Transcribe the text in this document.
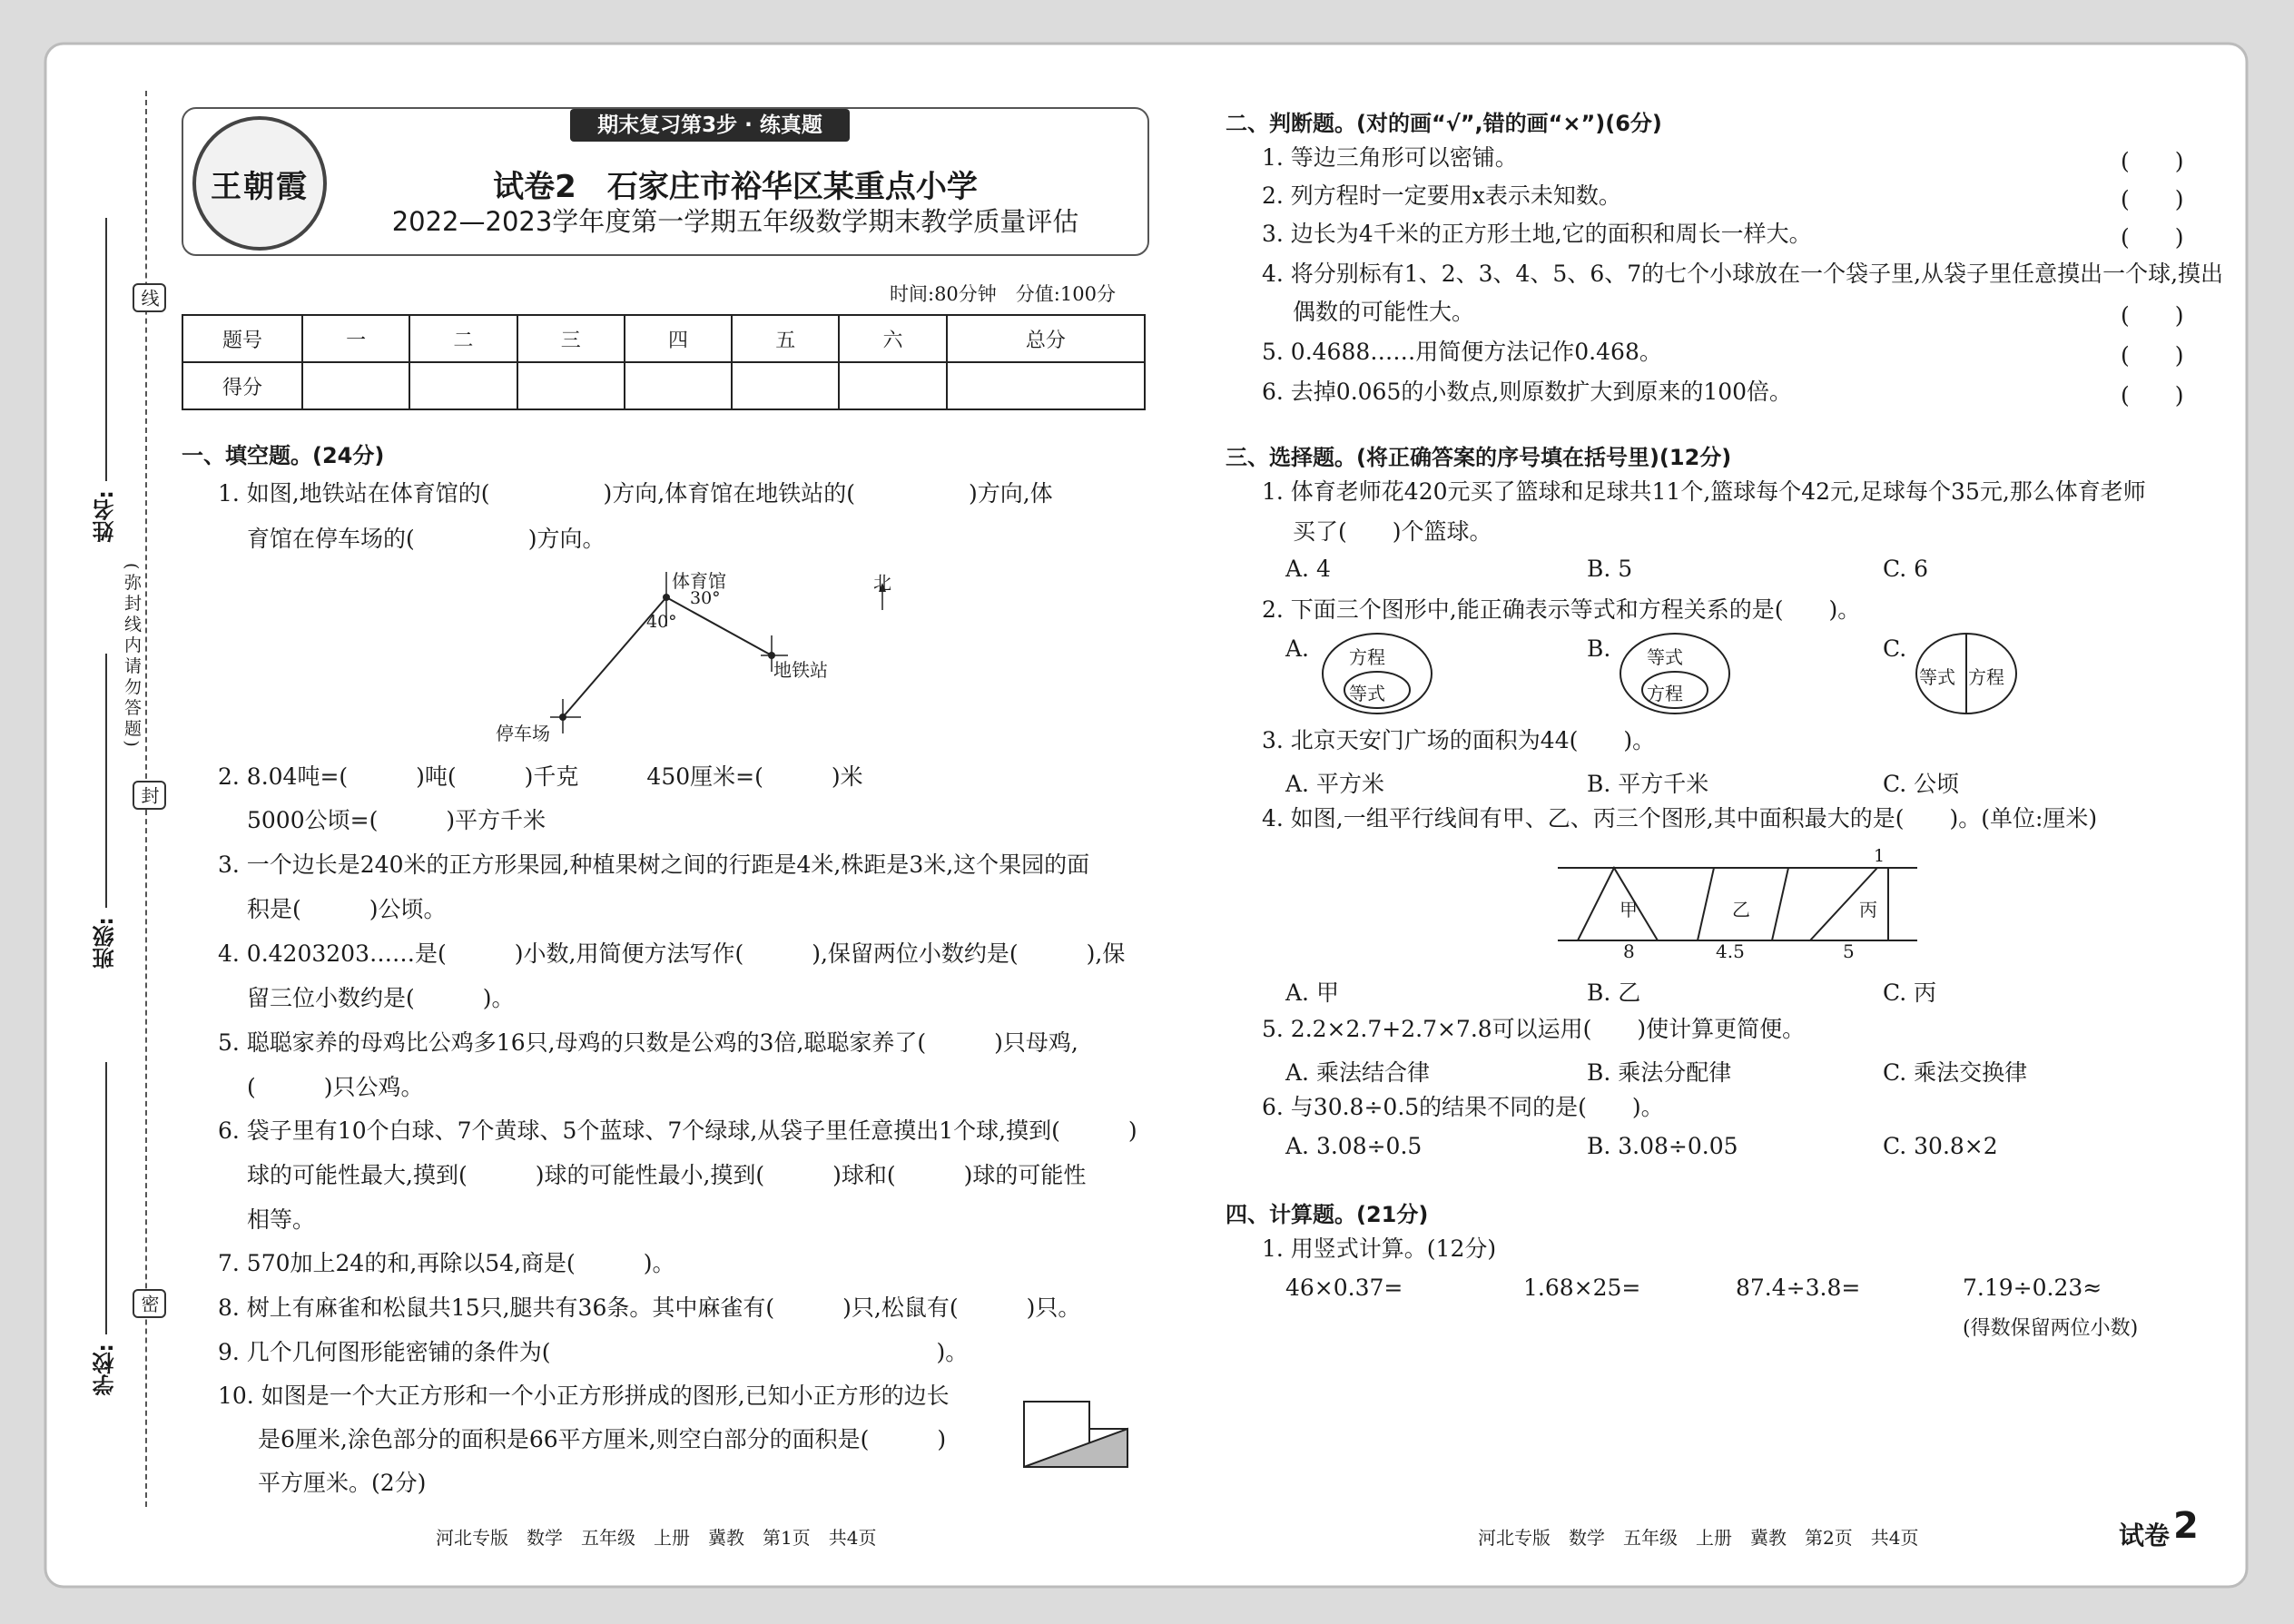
线
封
密
(弥封线内请勿答题)
姓名:
班级:
学校:
期末复习第3步 · 练真题
王朝霞	试卷2　石家庄市裕华区某重点小学
2022—2023学年度第一学期五年级数学期末教学质量评估
时间:80分钟　分值:100分
题号	一	二	三	四	五	六	总分
得分							
一、填空题。(24分)
1. 如图,地铁站在体育馆的(　　　　　)方向,体育馆在地铁站的(　　　　　)方向,体
育馆在停车场的(　　　　　)方向。
体育馆
30°
40°
地铁站
停车场
北
2. 8.04吨=(　　　)吨(　　　)千克　　　450厘米=(　　　)米
5000公顷=(　　　)平方千米
3. 一个边长是240米的正方形果园,种植果树之间的行距是4米,株距是3米,这个果园的面
积是(　　　)公顷。
4. 0.4203203……是(　　　)小数,用简便方法写作(　　　),保留两位小数约是(　　　),保
留三位小数约是(　　　)。
5. 聪聪家养的母鸡比公鸡多16只,母鸡的只数是公鸡的3倍,聪聪家养了(　　　)只母鸡,
(　　　)只公鸡。
6. 袋子里有10个白球、7个黄球、5个蓝球、7个绿球,从袋子里任意摸出1个球,摸到(　　　)
球的可能性最大,摸到(　　　)球的可能性最小,摸到(　　　)球和(　　　)球的可能性
相等。
7. 570加上24的和,再除以54,商是(　　　)。
8. 树上有麻雀和松鼠共15只,腿共有36条。其中麻雀有(　　　)只,松鼠有(　　　)只。
9. 几个几何图形能密铺的条件为(　　　　　　　　　　　　　　　　　)。
10. 如图是一个大正方形和一个小正方形拼成的图形,已知小正方形的边长
是6厘米,涂色部分的面积是66平方厘米,则空白部分的面积是(　　　)
平方厘米。(2分)
河北专版　数学　五年级　上册　冀教　第1页　共4页
二、判断题。(对的画“√”,错的画“×”)(6分)
1. 等边三角形可以密铺。	(　　)
2. 列方程时一定要用x表示未知数。	(　　)
3. 边长为4千米的正方形土地,它的面积和周长一样大。	(　　)
4. 将分别标有1、2、3、4、5、6、7的七个小球放在一个袋子里,从袋子里任意摸出一个球,摸出
偶数的可能性大。	(　　)
5. 0.4688……用简便方法记作0.468。	(　　)
6. 去掉0.065的小数点,则原数扩大到原来的100倍。	(　　)
三、选择题。(将正确答案的序号填在括号里)(12分)
1. 体育老师花420元买了篮球和足球共11个,篮球每个42元,足球每个35元,那么体育老师
买了(　　)个篮球。
A. 4	B. 5	C. 6
2. 下面三个图形中,能正确表示等式和方程关系的是(　　)。
A.	B.	C.
方程
等式
等式
方程
等式 方程
3. 北京天安门广场的面积为44(　　)。
A. 平方米	B. 平方千米	C. 公顷
4. 如图,一组平行线间有甲、乙、丙三个图形,其中面积最大的是(　　)。(单位:厘米)
1
甲	乙	丙
8	4.5	5
A. 甲	B. 乙	C. 丙
5. 2.2×2.7+2.7×7.8可以运用(　　)使计算更简便。
A. 乘法结合律	B. 乘法分配律	C. 乘法交换律
6. 与30.8÷0.5的结果不同的是(　　)。
A. 3.08÷0.5	B. 3.08÷0.05	C. 30.8×2
四、计算题。(21分)
1. 用竖式计算。(12分)
46×0.37=	1.68×25=	87.4÷3.8=	7.19÷0.23≈
(得数保留两位小数)
河北专版　数学　五年级　上册　冀教　第2页　共4页	试卷 2
